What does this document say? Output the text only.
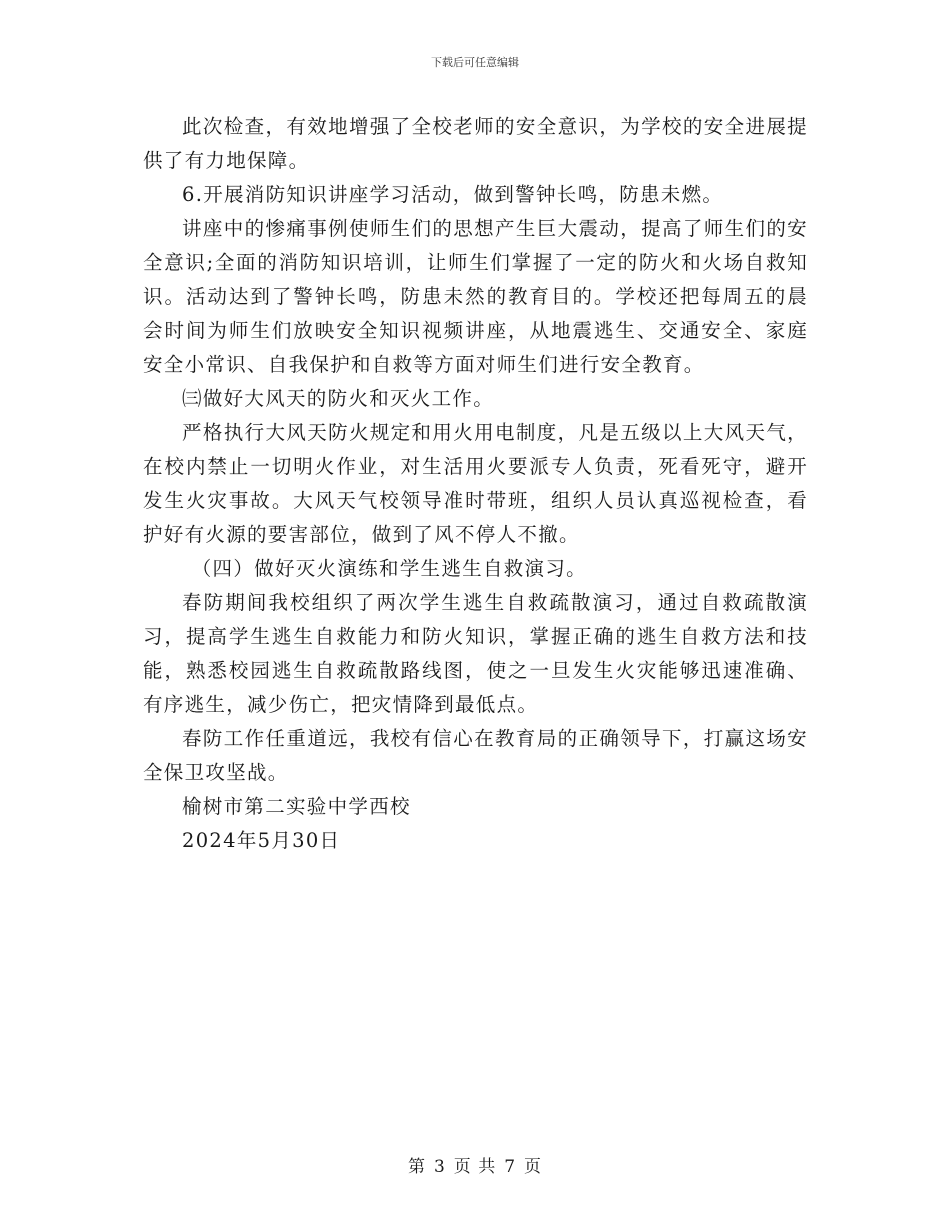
下载后可任意编辑

此次检查，有效地增强了全校老师的安全意识，为学校的安全进展提供了有力地保障。

6.开展消防知识讲座学习活动，做到警钟长鸣，防患未燃。

讲座中的惨痛事例使师生们的思想产生巨大震动，提高了师生们的安全意识;全面的消防知识培训，让师生们掌握了一定的防火和火场自救知识。活动达到了警钟长鸣，防患未然的教育目的。学校还把每周五的晨会时间为师生们放映安全知识视频讲座，从地震逃生、交通安全、家庭安全小常识、自我保护和自救等方面对师生们进行安全教育。

㈢做好大风天的防火和灭火工作。

严格执行大风天防火规定和用火用电制度，凡是五级以上大风天气，在校内禁止一切明火作业，对生活用火要派专人负责，死看死守，避开发生火灾事故。大风天气校领导准时带班，组织人员认真巡视检查，看护好有火源的要害部位，做到了风不停人不撤。

（四）做好灭火演练和学生逃生自救演习。

春防期间我校组织了两次学生逃生自救疏散演习，通过自救疏散演习，提高学生逃生自救能力和防火知识，掌握正确的逃生自救方法和技能，熟悉校园逃生自救疏散路线图，使之一旦发生火灾能够迅速准确、有序逃生，减少伤亡，把灾情降到最低点。

春防工作任重道远，我校有信心在教育局的正确领导下，打赢这场安全保卫攻坚战。

榆树市第二实验中学西校

2024年5月30日

第 3 页 共 7 页
